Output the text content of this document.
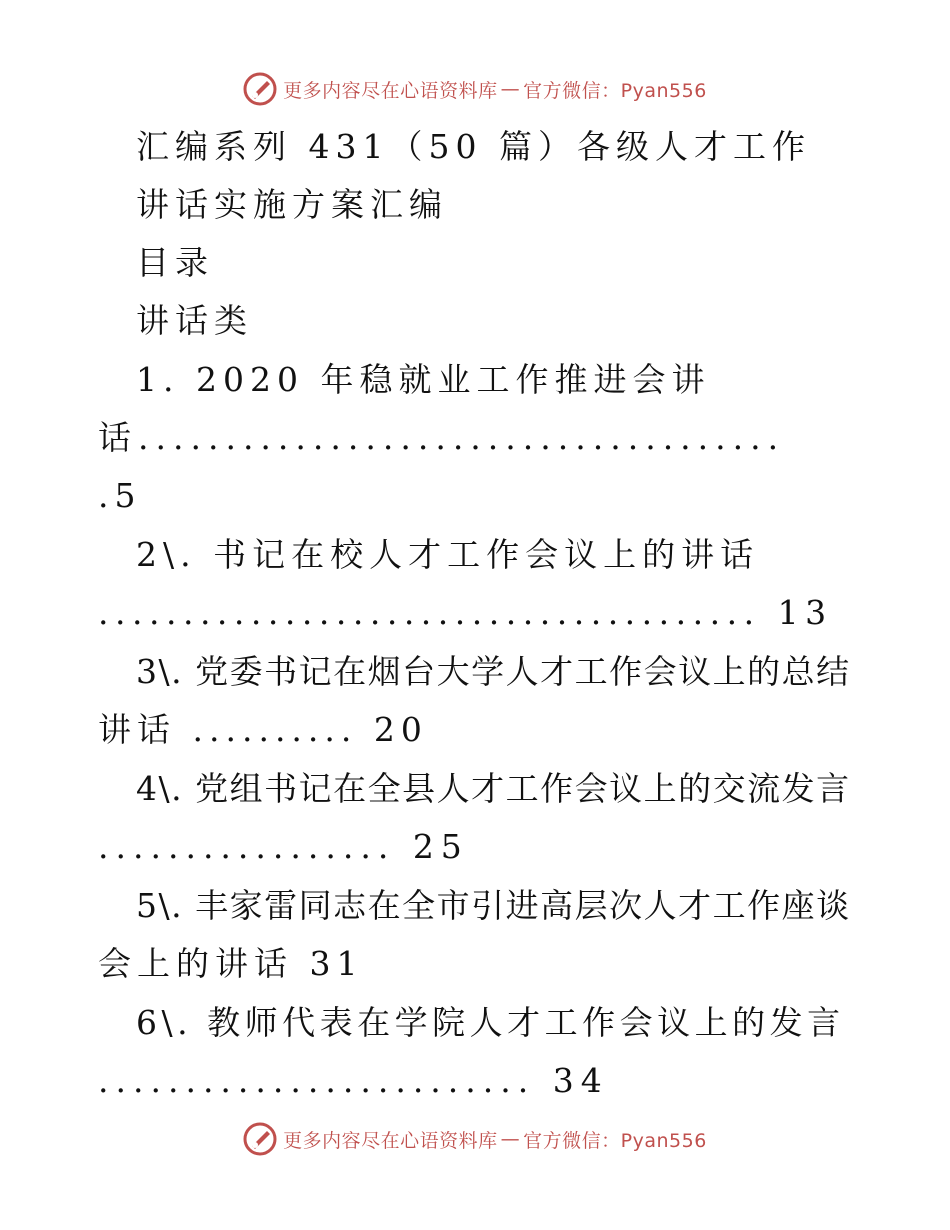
更多内容尽在心语资料库 — 官方微信：Pyan556
汇编系列 431（50 篇）各级人才工作
讲话实施方案汇编
目录
讲话类
1. 2020 年稳就业工作推进会讲
话.....................................
.5
2\. 书记在校人才工作会议上的讲话
....................................... 13
3\. 党委书记在烟台大学人才工作会议上的总结
讲话 .......... 20
4\. 党组书记在全县人才工作会议上的交流发言
................. 25
5\. 丰家雷同志在全市引进高层次人才工作座谈
会上的讲话 31
6\. 教师代表在学院人才工作会议上的发言
......................... 34
更多内容尽在心语资料库 — 官方微信：Pyan556
